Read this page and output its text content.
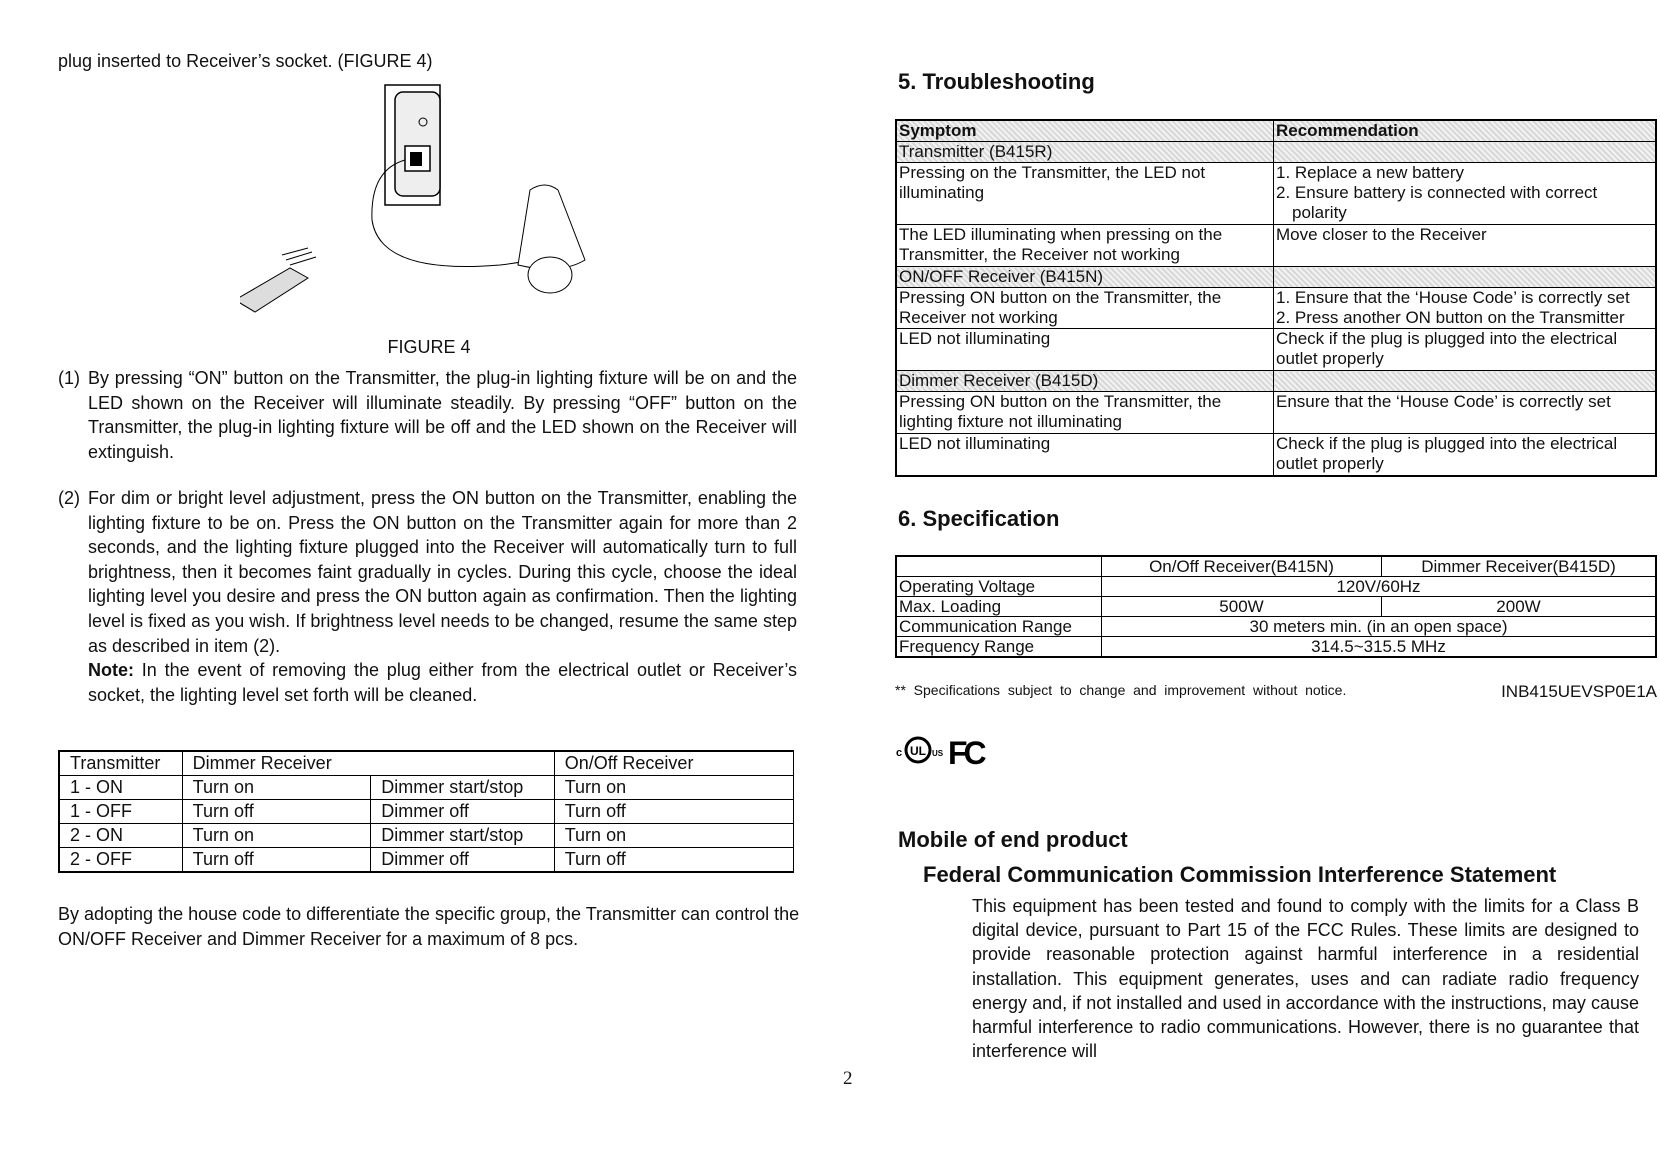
plug inserted to Receiver’s socket. (FIGURE 4)
FIGURE 4
(1) By pressing “ON” button on the Transmitter, the plug-in lighting fixture will be on and the LED shown on the Receiver will illuminate steadily. By pressing “OFF” button on the Transmitter, the plug-in lighting fixture will be off and the LED shown on the Receiver will extinguish.
(2) For dim or bright level adjustment, press the ON button on the Transmitter, enabling the lighting fixture to be on. Press the ON button on the Transmitter again for more than 2 seconds, and the lighting fixture plugged into the Receiver will automatically turn to full brightness, then it becomes faint gradually in cycles. During this cycle, choose the ideal lighting level you desire and press the ON button again as confirmation. Then the lighting level is fixed as you wish. If brightness level needs to be changed, resume the same step as described in item (2).
Note: In the event of removing the plug either from the electrical outlet or Receiver’s socket, the lighting level set forth will be cleaned.
Transmitter	Dimmer Receiver		On/Off Receiver
1 - ON	Turn on	Dimmer start/stop	Turn on
1 - OFF	Turn off	Dimmer off	Turn off
2 - ON	Turn on	Dimmer start/stop	Turn on
2 - OFF	Turn off	Dimmer off	Turn off
By adopting the house code to differentiate the specific group, the Transmitter can control the ON/OFF Receiver and Dimmer Receiver for a maximum of 8 pcs.
2
5. Troubleshooting
Symptom	Recommendation
Transmitter (B415R)	
Pressing on the Transmitter, the LED not illuminating	1. Replace a new battery
2. Ensure battery is connected with correct polarity

The LED illuminating when pressing on the Transmitter, the Receiver not working	Move closer to the Receiver
ON/OFF Receiver (B415N)	
Pressing ON button on the Transmitter, the Receiver not working	1. Ensure that the ‘House Code’ is correctly set
2. Press another ON button on the Transmitter

LED not illuminating	Check if the plug is plugged into the electrical outlet properly
Dimmer Receiver (B415D)	
Pressing ON button on the Transmitter, the lighting fixture not illuminating	Ensure that the ‘House Code’ is correctly set
LED not illuminating	Check if the plug is plugged into the electrical outlet properly
6. Specification
	On/Off Receiver(B415N)	Dimmer Receiver(B415D)
Operating Voltage	120V/60Hz	
Max. Loading	500W	200W
Communication Range	30 meters min. (in an open space)	
Frequency Range	314.5~315.5 MHz	
**  Specifications  subject  to  change  and  improvement  without  notice.	INB415UEVSP0E1A
c UL US FC
Mobile of end product
Federal Communication Commission Interference Statement
This equipment has been tested and found to comply with the limits for a Class B digital device, pursuant to Part 15 of the FCC Rules. These limits are designed to provide reasonable protection against harmful interference in a residential installation. This equipment generates, uses and can radiate radio frequency energy and, if not installed and used in accordance with the instructions, may cause harmful interference to radio communications. However, there is no guarantee that interference will
